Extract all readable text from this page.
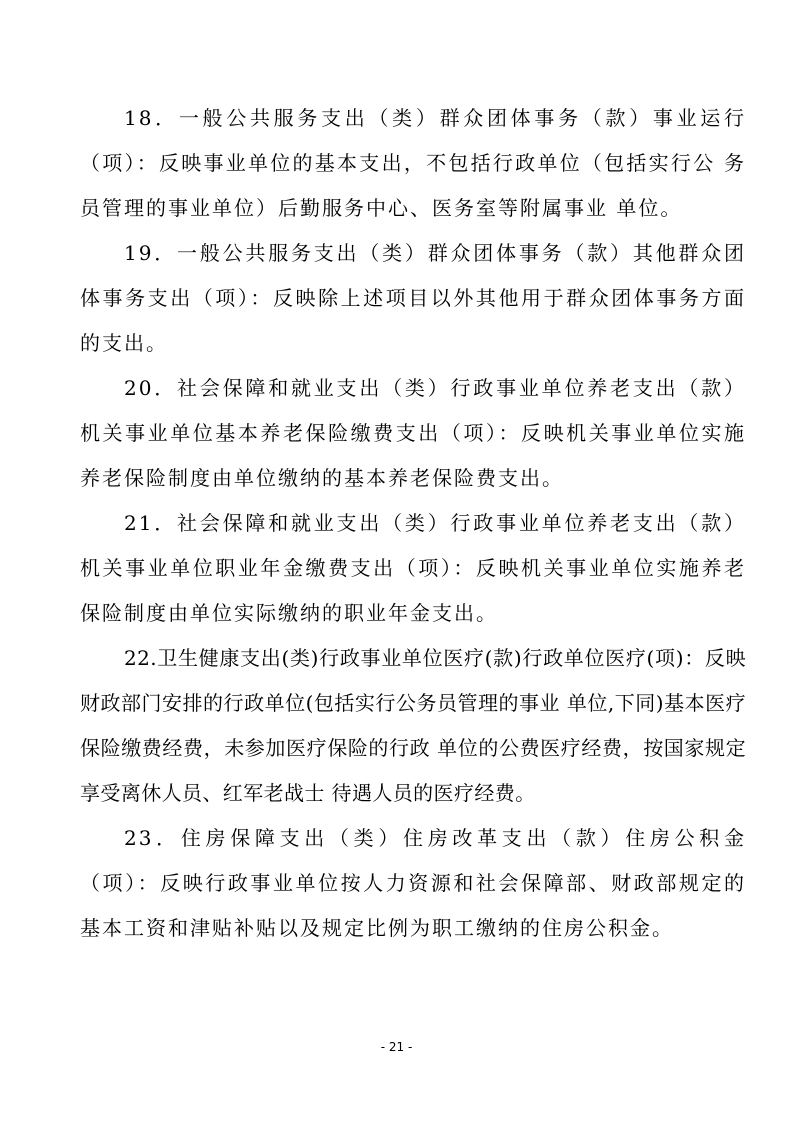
18．一般公共服务支出（类）群众团体事务（款）事业运行（项）：反映事业单位的基本支出，不包括行政单位（包括实行公 务员管理的事业单位）后勤服务中心、医务室等附属事业 单位。

19．一般公共服务支出（类）群众团体事务（款）其他群众团体事务支出（项）：反映除上述项目以外其他用于群众团体事务方面的支出。

20．社会保障和就业支出（类）行政事业单位养老支出（款）机关事业单位基本养老保险缴费支出（项）：反映机关事业单位实施养老保险制度由单位缴纳的基本养老保险费支出。

21．社会保障和就业支出（类）行政事业单位养老支出（款）机关事业单位职业年金缴费支出（项）：反映机关事业单位实施养老保险制度由单位实际缴纳的职业年金支出。

22.卫生健康支出(类)行政事业单位医疗(款)行政单位医疗(项)：反映财政部门安排的行政单位(包括实行公务员管理的事业 单位,下同)基本医疗保险缴费经费，未参加医疗保险的行政 单位的公费医疗经费，按国家规定享受离休人员、红军老战士 待遇人员的医疗经费。

23．住房保障支出（类）住房改革支出（款）住房公积金（项）：反映行政事业单位按人力资源和社会保障部、财政部规定的 基本工资和津贴补贴以及规定比例为职工缴纳的住房公积金。

- 21 -
